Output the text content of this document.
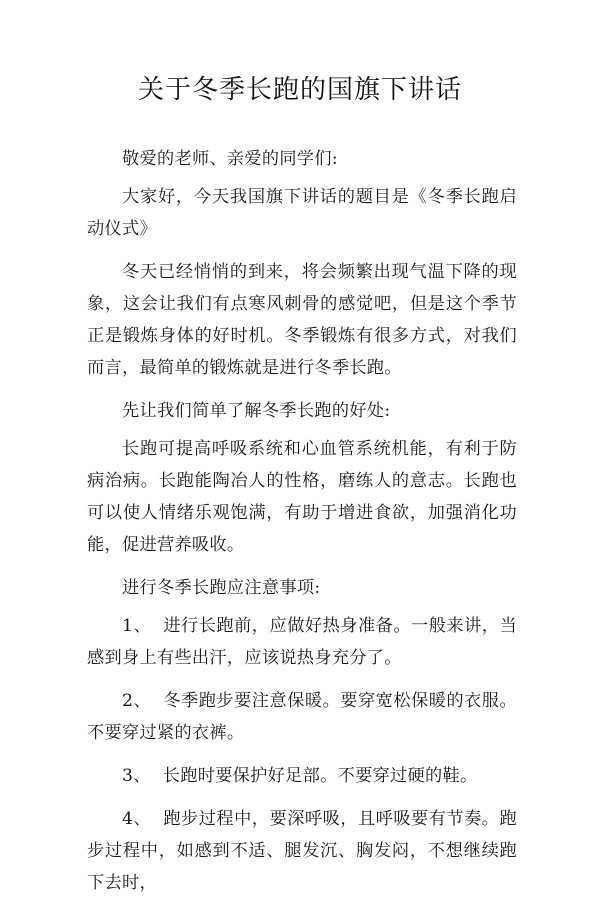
关于冬季长跑的国旗下讲话

敬爱的老师、亲爱的同学们:

大家好，今天我国旗下讲话的题目是《冬季长跑启动仪式》

冬天已经悄悄的到来，将会频繁出现气温下降的现象，这会让我们有点寒风刺骨的感觉吧，但是这个季节正是锻炼身体的好时机。冬季锻炼有很多方式，对我们而言，最简单的锻炼就是进行冬季长跑。

先让我们简单了解冬季长跑的好处:

长跑可提高呼吸系统和心血管系统机能，有利于防病治病。长跑能陶冶人的性格，磨练人的意志。长跑也可以使人情绪乐观饱满，有助于增进食欲，加强消化功能，促进营养吸收。

进行冬季长跑应注意事项:

1、 进行长跑前，应做好热身准备。一般来讲，当感到身上有些出汗，应该说热身充分了。

2、 冬季跑步要注意保暖。要穿宽松保暖的衣服。不要穿过紧的衣裤。

3、 长跑时要保护好足部。不要穿过硬的鞋。

4、 跑步过程中，要深呼吸，且呼吸要有节奏。跑步过程中，如感到不适、腿发沉、胸发闷，不想继续跑下去时，
